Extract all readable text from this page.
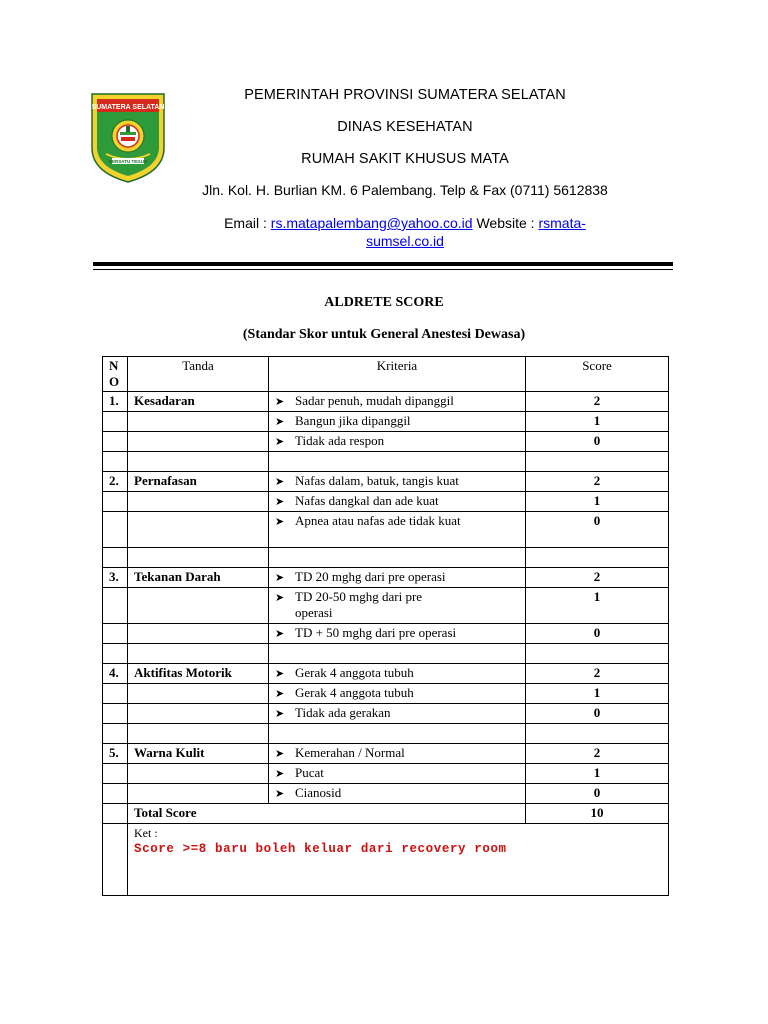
SUMATERA SELATAN
BERSATU TEGUH
PEMERINTAH PROVINSI SUMATERA SELATAN
DINAS KESEHATAN
RUMAH SAKIT KHUSUS MATA
Jln. Kol. H. Burlian KM. 6 Palembang. Telp & Fax (0711) 5612838
Email : rs.matapalembang@yahoo.co.id Website : rsmata-
sumsel.co.id
ALDRETE SCORE
(Standar Skor untuk General Anestesi Dewasa)
N
O	Tanda	Kriteria	Score
1.	Kesadaran	➤ Sadar penuh, mudah dipanggil	2
		➤ Bangun jika dipanggil	1
		➤ Tidak ada respon	0

2.	Pernafasan	➤ Nafas dalam, batuk, tangis kuat	2
		➤ Nafas dangkal dan ade kuat	1
		➤ Apnea atau nafas ade tidak kuat	0

3.	Tekanan Darah	➤ TD 20 mghg dari pre operasi	2
		➤ TD 20-50 mghg dari pre operasi	1
		➤ TD + 50 mghg dari pre operasi	0

4.	Aktifitas Motorik	➤ Gerak 4 anggota tubuh	2
		➤ Gerak 4 anggota tubuh	1
		➤ Tidak ada gerakan	0

5.	Warna Kulit	➤ Kemerahan / Normal	2
		➤ Pucat	1
		➤ Cianosid	0
	Total Score		10

	Ket :
Score >=8 baru boleh keluar dari recovery room		
